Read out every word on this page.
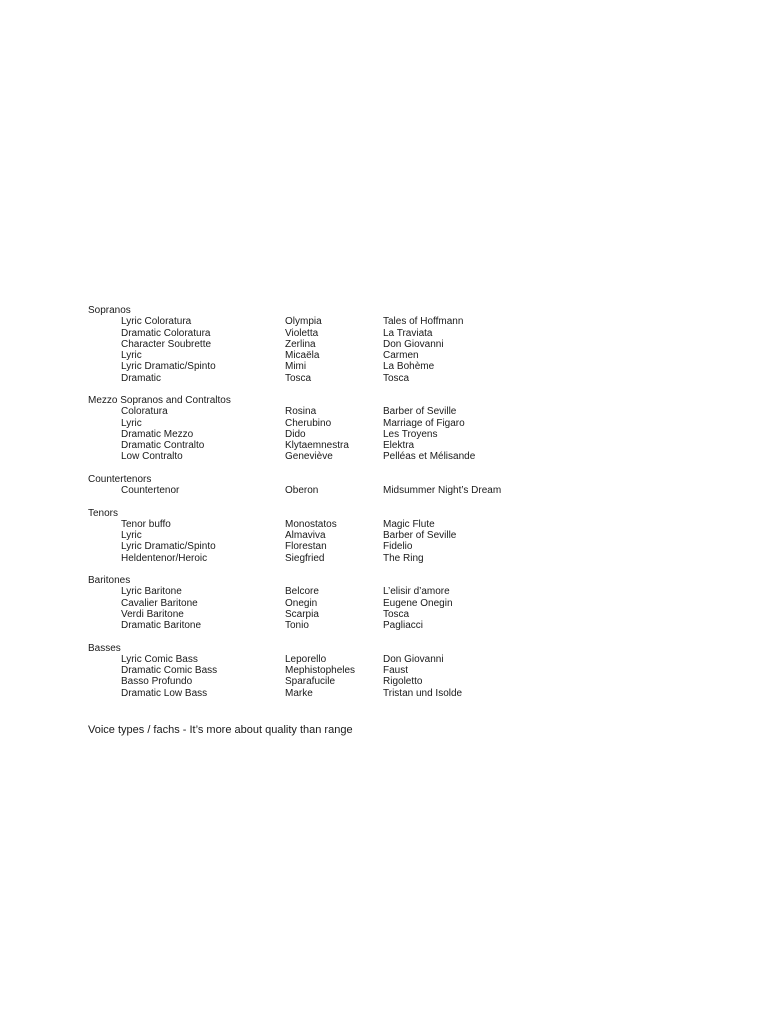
Sopranos
Lyric Coloratura	Olympia	Tales of Hoffmann
Dramatic Coloratura	Violetta	La Traviata
Character Soubrette	Zerlina	Don Giovanni
Lyric	Micaëla	Carmen
Lyric Dramatic/Spinto	Mimi	La Bohème
Dramatic	Tosca	Tosca
Mezzo Sopranos and Contraltos
Coloratura	Rosina	Barber of Seville
Lyric	Cherubino	Marriage of Figaro
Dramatic Mezzo	Dido	Les Troyens
Dramatic Contralto	Klytaemnestra	Elektra
Low Contralto	Geneviève	Pelléas et Mélisande
Countertenors
Countertenor	Oberon	Midsummer Night’s Dream
Tenors
Tenor buffo	Monostatos	Magic Flute
Lyric	Almaviva	Barber of Seville
Lyric Dramatic/Spinto	Florestan	Fidelio
Heldentenor/Heroic	Siegfried	The Ring
Baritones
Lyric Baritone	Belcore	L’elisir d’amore
Cavalier Baritone	Onegin	Eugene Onegin
Verdi Baritone	Scarpia	Tosca
Dramatic Baritone	Tonio	Pagliacci
Basses
Lyric Comic Bass	Leporello	Don Giovanni
Dramatic Comic Bass	Mephistopheles	Faust
Basso Profundo	Sparafucile	Rigoletto
Dramatic Low Bass	Marke	Tristan und Isolde
Voice types / fachs - It’s more about quality than range
